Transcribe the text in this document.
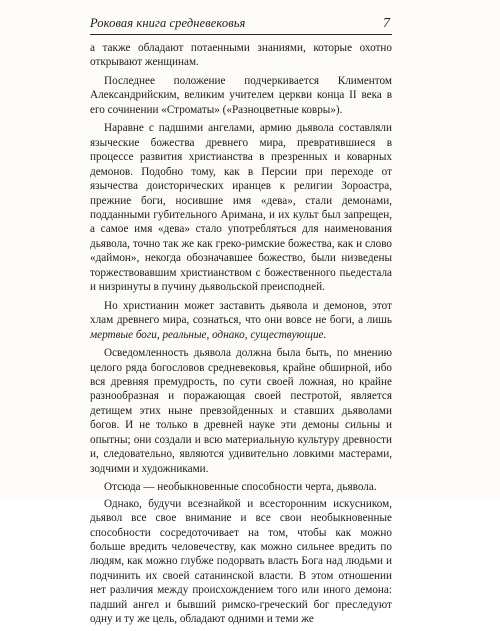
Роковая книга средневековья	7

а также обладают потаенными знаниями, которые охотно открывают женщинам.

Последнее положение подчеркивается Климентом Александрийским, великим учителем церкви конца II века в его сочинении «Строматы» («Разноцветные ковры»).

Наравне с падшими ангелами, армию дьявола составляли языческие божества древнего мира, превратившиеся в процессе развития христианства в презренных и коварных демонов. Подобно тому, как в Персии при переходе от язычества доисторических иранцев к религии Зороастра, прежние боги, носившие имя «дева», стали демонами, подданными губительного Аримана, и их культ был запрещен, а самое имя «дева» стало употребляться для наименования дьявола, точно так же как греко-римские божества, как и слово «даймон», некогда обозначавшее божество, были низведены торжествовавшим христианством с божественного пьедестала и низринуты в пучину дьявольской преисподней.

Но христианин может заставить дьявола и демонов, этот хлам древнего мира, сознаться, что они вовсе не боги, а лишь мертвые боги, реальные, однако, существующие.

Осведомленность дьявола должна была быть, по мнению целого ряда богословов средневековья, крайне обширной, ибо вся древняя премудрость, по сути своей ложная, но крайне разнообразная и поражающая своей пестротой, является детищем этих ныне превзойденных и ставших дьяволами богов. И не только в древней науке эти демоны сильны и опытны; они создали и всю материальную культуру древности и, следовательно, являются удивительно ловкими мастерами, зодчими и художниками.

Отсюда — необыкновенные способности черта, дьявола.

Однако, будучи всезнайкой и всесторонним искусником, дьявол все свое внимание и все свои необыкновенные способности сосредоточивает на том, чтобы как можно больше вредить человечеству, как можно сильнее вредить по людям, как можно глубже подорвать власть Бога над людьми и подчинить их своей сатанинской власти. В этом отношении нет различия между происхождением того или иного демона: падший ангел и бывший римско-греческий бог преследуют одну и ту же цель, обладают одними и теми же
